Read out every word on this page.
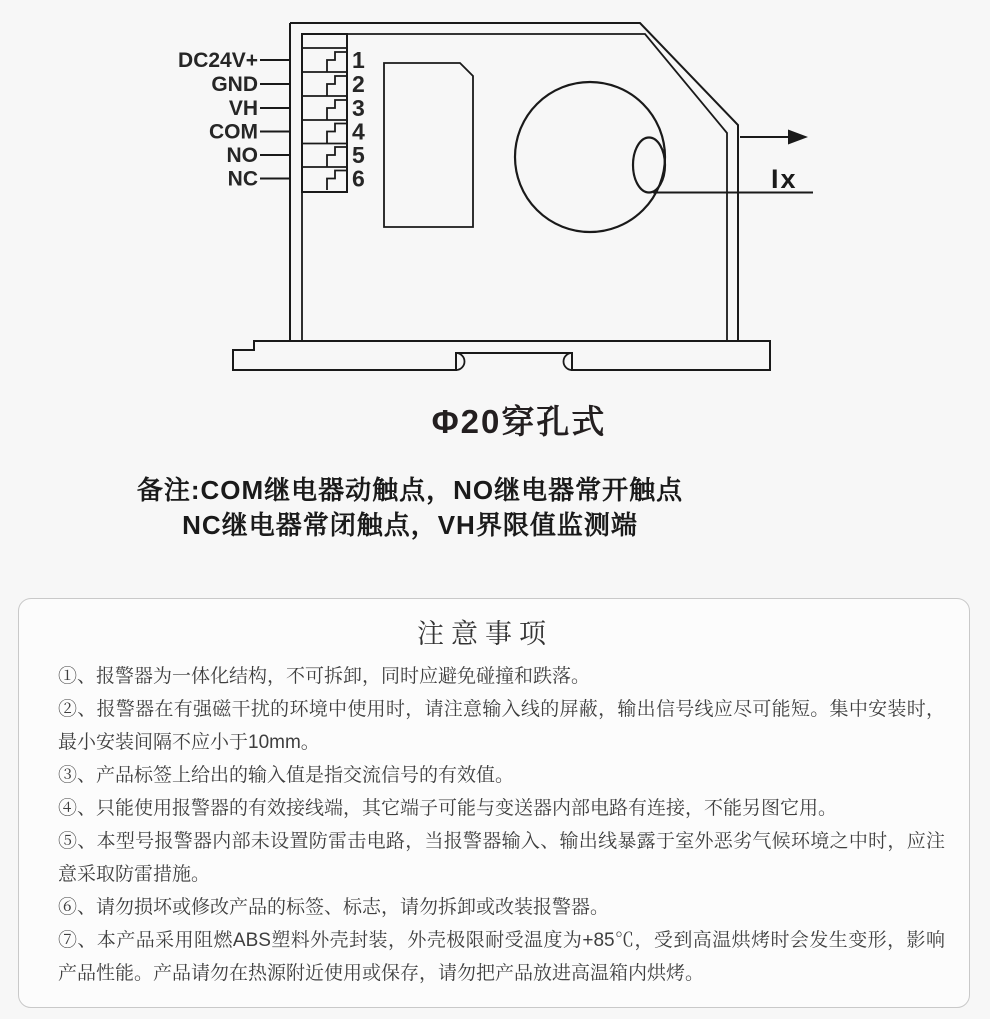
DC24V+
GND
VH
COM
NO
NC
1
2
3
4
5
6	Ix
Φ20穿孔式
备注:COM继电器动触点，NO继电器常开触点
NC继电器常闭触点，VH界限值监测端
注意事项

①、报警器为一体化结构，不可拆卸，同时应避免碰撞和跌落。

②、报警器在有强磁干扰的环境中使用时，请注意输入线的屏蔽，输出信号线应尽可能短。集中安装时，最小安装间隔不应小于10mm。

③、产品标签上给出的输入值是指交流信号的有效值。

④、只能使用报警器的有效接线端，其它端子可能与变送器内部电路有连接，不能另图它用。

⑤、本型号报警器内部未设置防雷击电路，当报警器输入、输出线暴露于室外恶劣气候环境之中时，应注意采取防雷措施。

⑥、请勿损坏或修改产品的标签、标志，请勿拆卸或改装报警器。

⑦、本产品采用阻燃ABS塑料外壳封装，外壳极限耐受温度为+85℃，受到高温烘烤时会发生变形，影响产品性能。产品请勿在热源附近使用或保存，请勿把产品放进高温箱内烘烤。
